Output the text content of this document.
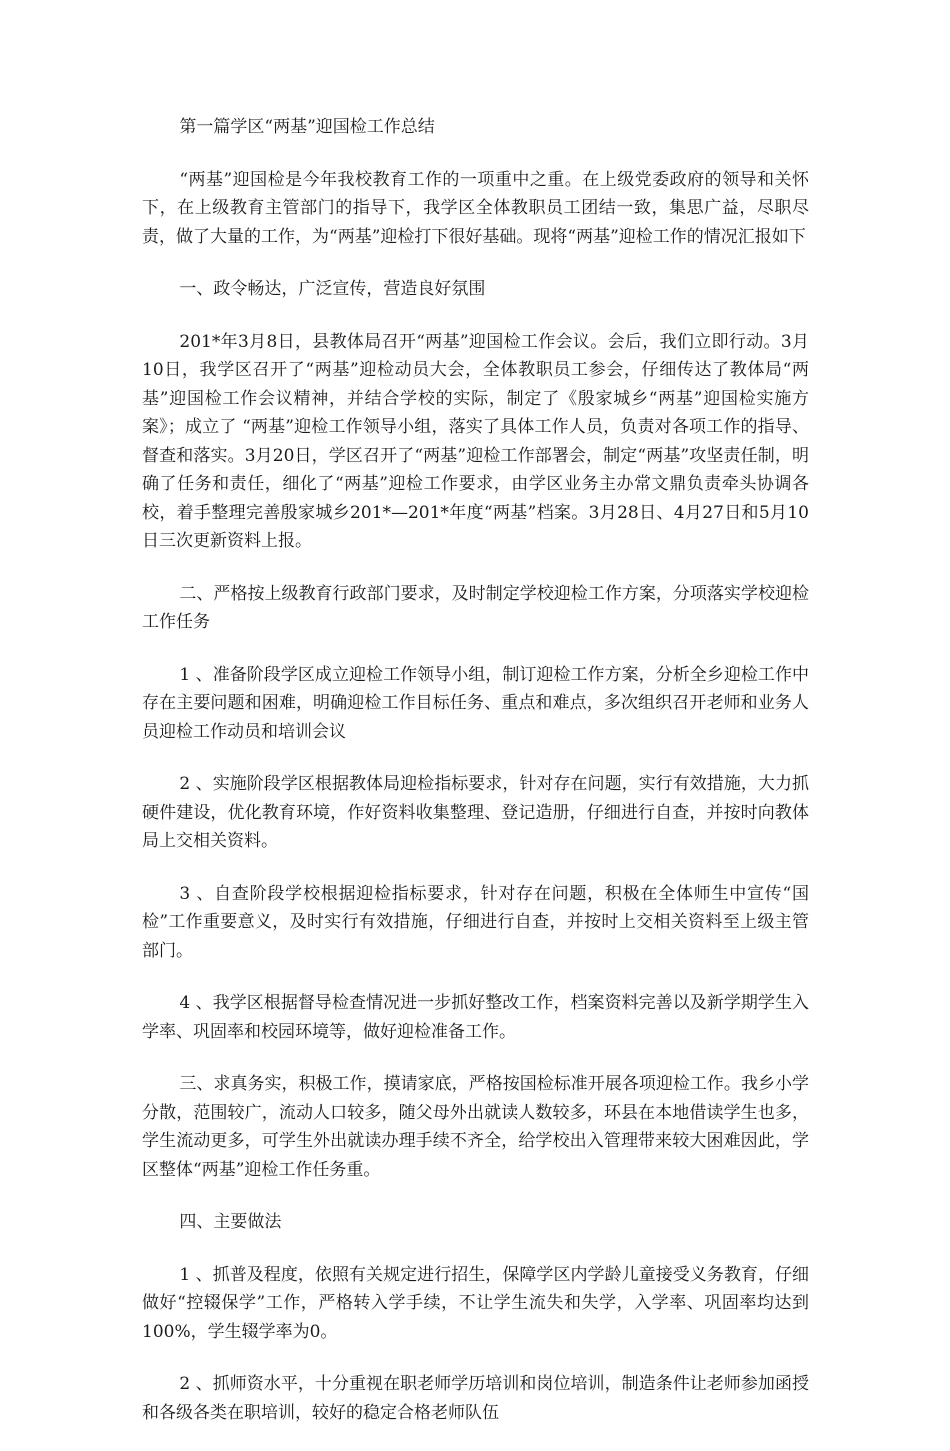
第一篇学区“两基”迎国检工作总结

“两基”迎国检是今年我校教育工作的一项重中之重。在上级党委政府的领导和关怀下，在上级教育主管部门的指导下，我学区全体教职员工团结一致，集思广益，尽职尽责，做了大量的工作，为“两基”迎检打下很好基础。现将“两基”迎检工作的情况汇报如下

一、政令畅达，广泛宣传，营造良好氛围

201*年3月8日，县教体局召开“两基”迎国检工作会议。会后，我们立即行动。3月10日，我学区召开了“两基”迎检动员大会，全体教职员工参会，仔细传达了教体局“两基”迎国检工作会议精神，并结合学校的实际，制定了《殷家城乡“两基”迎国检实施方案》；成立了 “两基”迎检工作领导小组，落实了具体工作人员，负责对各项工作的指导、督查和落实。3月20日，学区召开了“两基”迎检工作部署会，制定“两基”攻坚责任制，明确了任务和责任，细化了“两基”迎检工作要求，由学区业务主办常文鼎负责牵头协调各校，着手整理完善殷家城乡201*—201*年度“两基”档案。3月28日、4月27日和5月10日三次更新资料上报。

二、严格按上级教育行政部门要求，及时制定学校迎检工作方案，分项落实学校迎检工作任务

1 、准备阶段学区成立迎检工作领导小组，制订迎检工作方案，分析全乡迎检工作中存在主要问题和困难，明确迎检工作目标任务、重点和难点，多次组织召开老师和业务人员迎检工作动员和培训会议

2 、实施阶段学区根据教体局迎检指标要求，针对存在问题，实行有效措施，大力抓硬件建设，优化教育环境，作好资料收集整理、登记造册，仔细进行自查，并按时向教体局上交相关资料。

3 、自查阶段学校根据迎检指标要求，针对存在问题，积极在全体师生中宣传“国检”工作重要意义，及时实行有效措施，仔细进行自查，并按时上交相关资料至上级主管部门。

4 、我学区根据督导检查情况进一步抓好整改工作，档案资料完善以及新学期学生入学率、巩固率和校园环境等，做好迎检准备工作。

三、求真务实，积极工作，摸请家底，严格按国检标准开展各项迎检工作。我乡小学分散，范围较广，流动人口较多，随父母外出就读人数较多，环县在本地借读学生也多，学生流动更多，可学生外出就读办理手续不齐全，给学校出入管理带来较大困难因此，学区整体“两基”迎检工作任务重。

四、主要做法

1 、抓普及程度，依照有关规定进行招生，保障学区内学龄儿童接受义务教育，仔细做好“控辍保学”工作，严格转入学手续，不让学生流失和失学，入学率、巩固率均达到100%，学生辍学率为0。

2 、抓师资水平，十分重视在职老师学历培训和岗位培训，制造条件让老师参加函授和各级各类在职培训，较好的稳定合格老师队伍
